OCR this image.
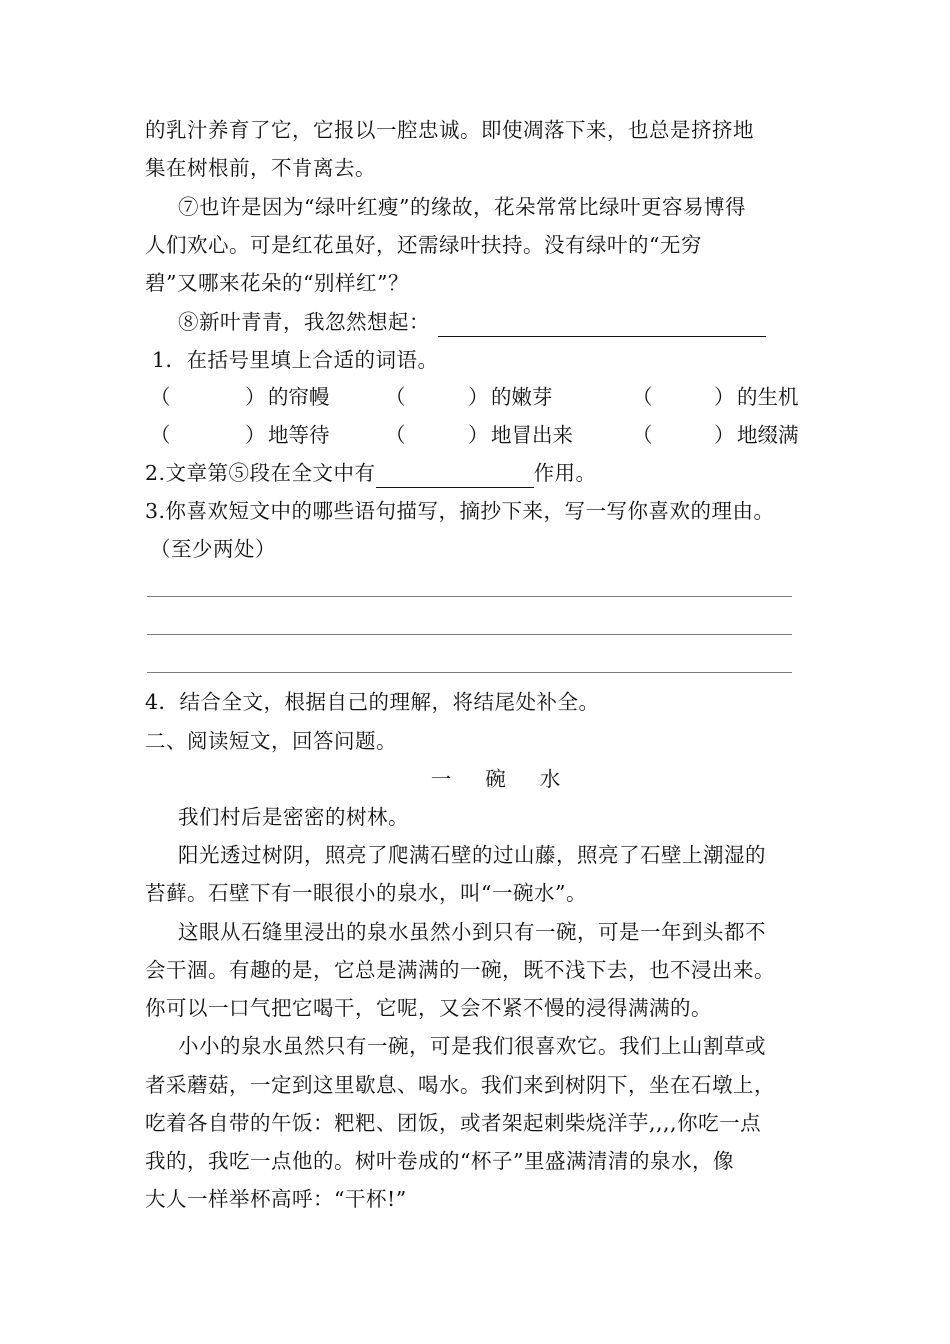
的乳汁养育了它，它报以一腔忠诚。即使凋落下来，也总是挤挤地
集在树根前，不肯离去。
⑦也许是因为“绿叶红瘦”的缘故，花朵常常比绿叶更容易博得
人们欢心。可是红花虽好，还需绿叶扶持。没有绿叶的“无穷
碧”又哪来花朵的“别样红”？
⑧新叶青青，我忽然想起：
1．在括号里填上合适的词语。
（	） 的帘幔	（	） 的嫩芽	（	） 的生机
（	） 地等待	（	） 地冒出来	（	） 地缀满
2.文章第⑤段在全文中有	作用。
3.你喜欢短文中的哪些语句描写，摘抄下来，写一写你喜欢的理由。
（至少两处）
4．结合全文，根据自己的理解，将结尾处补全。
二、阅读短文，回答问题。
一 碗 水
我们村后是密密的树林。
阳光透过树阴，照亮了爬满石壁的过山藤，照亮了石壁上潮湿的
苔藓。石壁下有一眼很小的泉水，叫“一碗水”。
这眼从石缝里浸出的泉水虽然小到只有一碗，可是一年到头都不
会干涸。有趣的是，它总是满满的一碗，既不浅下去，也不浸出来。
你可以一口气把它喝干，它呢，又会不紧不慢的浸得满满的。
小小的泉水虽然只有一碗，可是我们很喜欢它。我们上山割草或
者采蘑菇，一定到这里歇息、喝水。我们来到树阴下，坐在石墩上，
吃着各自带的午饭：粑粑、团饭，或者架起刺柴烧洋芋,,,,你吃一点
我的，我吃一点他的。树叶卷成的“杯子”里盛满清清的泉水，像
大人一样举杯高呼：“干杯!”
